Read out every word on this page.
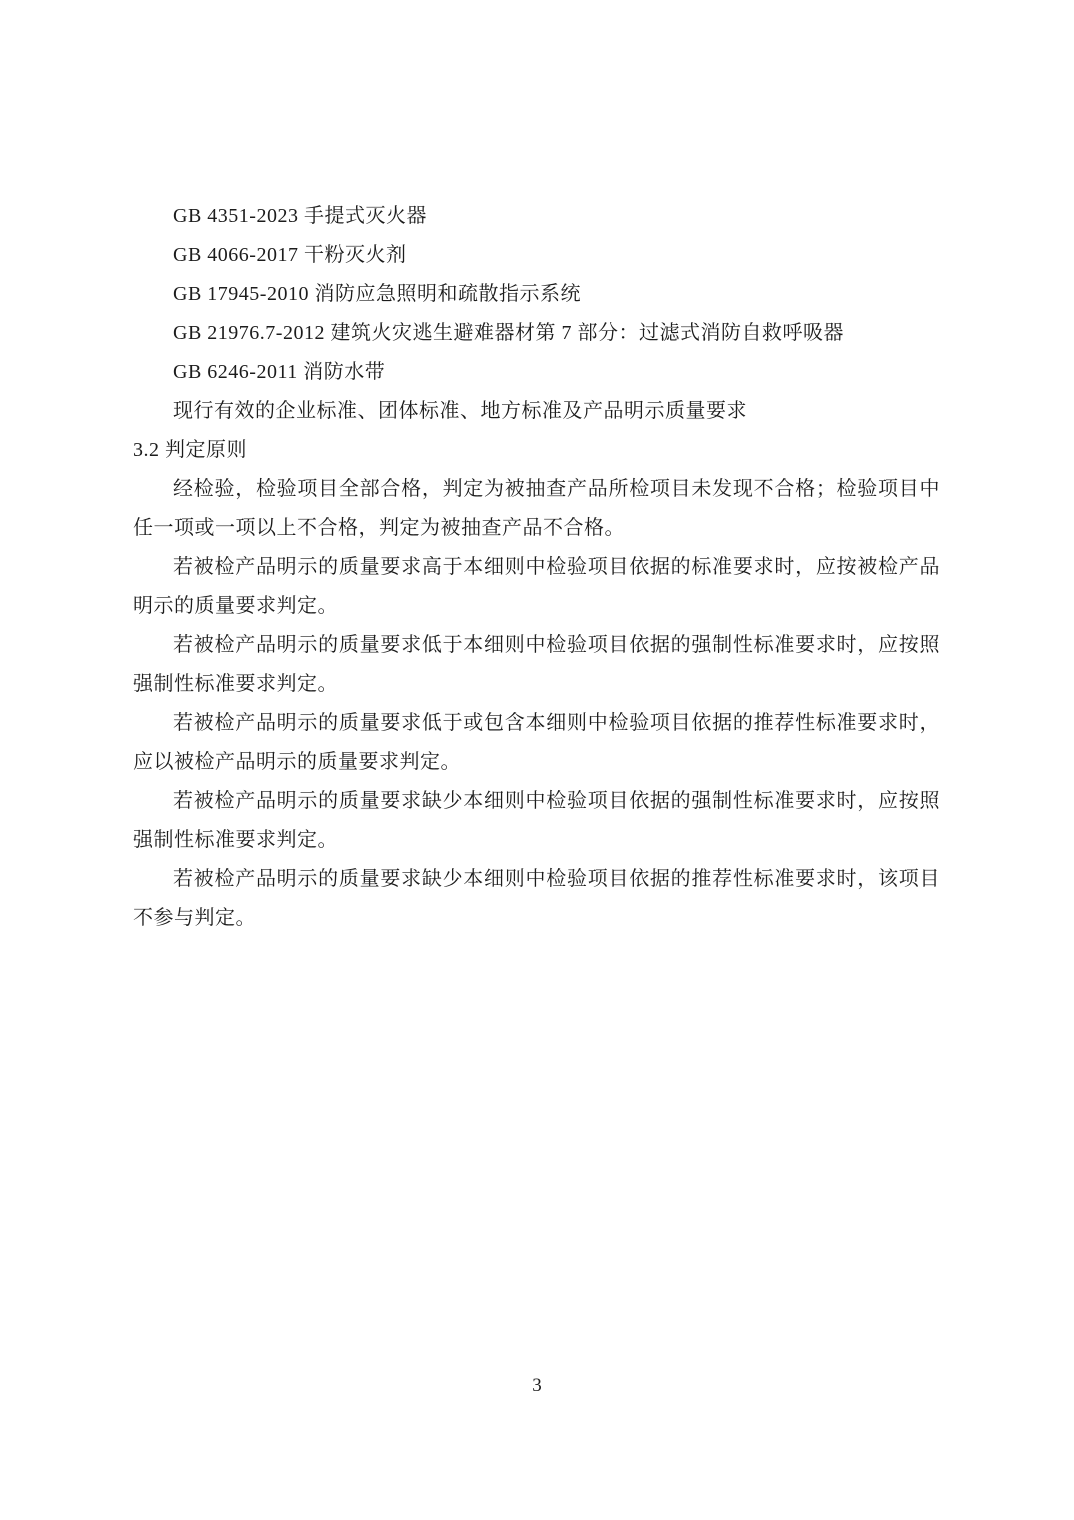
GB 4351-2023 手提式灭火器
GB 4066-2017 干粉灭火剂
GB 17945-2010 消防应急照明和疏散指示系统
GB 21976.7-2012 建筑火灾逃生避难器材第 7 部分：过滤式消防自救呼吸器
GB 6246-2011 消防水带
现行有效的企业标准、团体标准、地方标准及产品明示质量要求
3.2 判定原则

经检验，检验项目全部合格，判定为被抽查产品所检项目未发现不合格；检验项目中任一项或一项以上不合格，判定为被抽查产品不合格。

若被检产品明示的质量要求高于本细则中检验项目依据的标准要求时，应按被检产品明示的质量要求判定。

若被检产品明示的质量要求低于本细则中检验项目依据的强制性标准要求时，应按照强制性标准要求判定。

若被检产品明示的质量要求低于或包含本细则中检验项目依据的推荐性标准要求时，应以被检产品明示的质量要求判定。

若被检产品明示的质量要求缺少本细则中检验项目依据的强制性标准要求时，应按照强制性标准要求判定。

若被检产品明示的质量要求缺少本细则中检验项目依据的推荐性标准要求时，该项目不参与判定。

3
